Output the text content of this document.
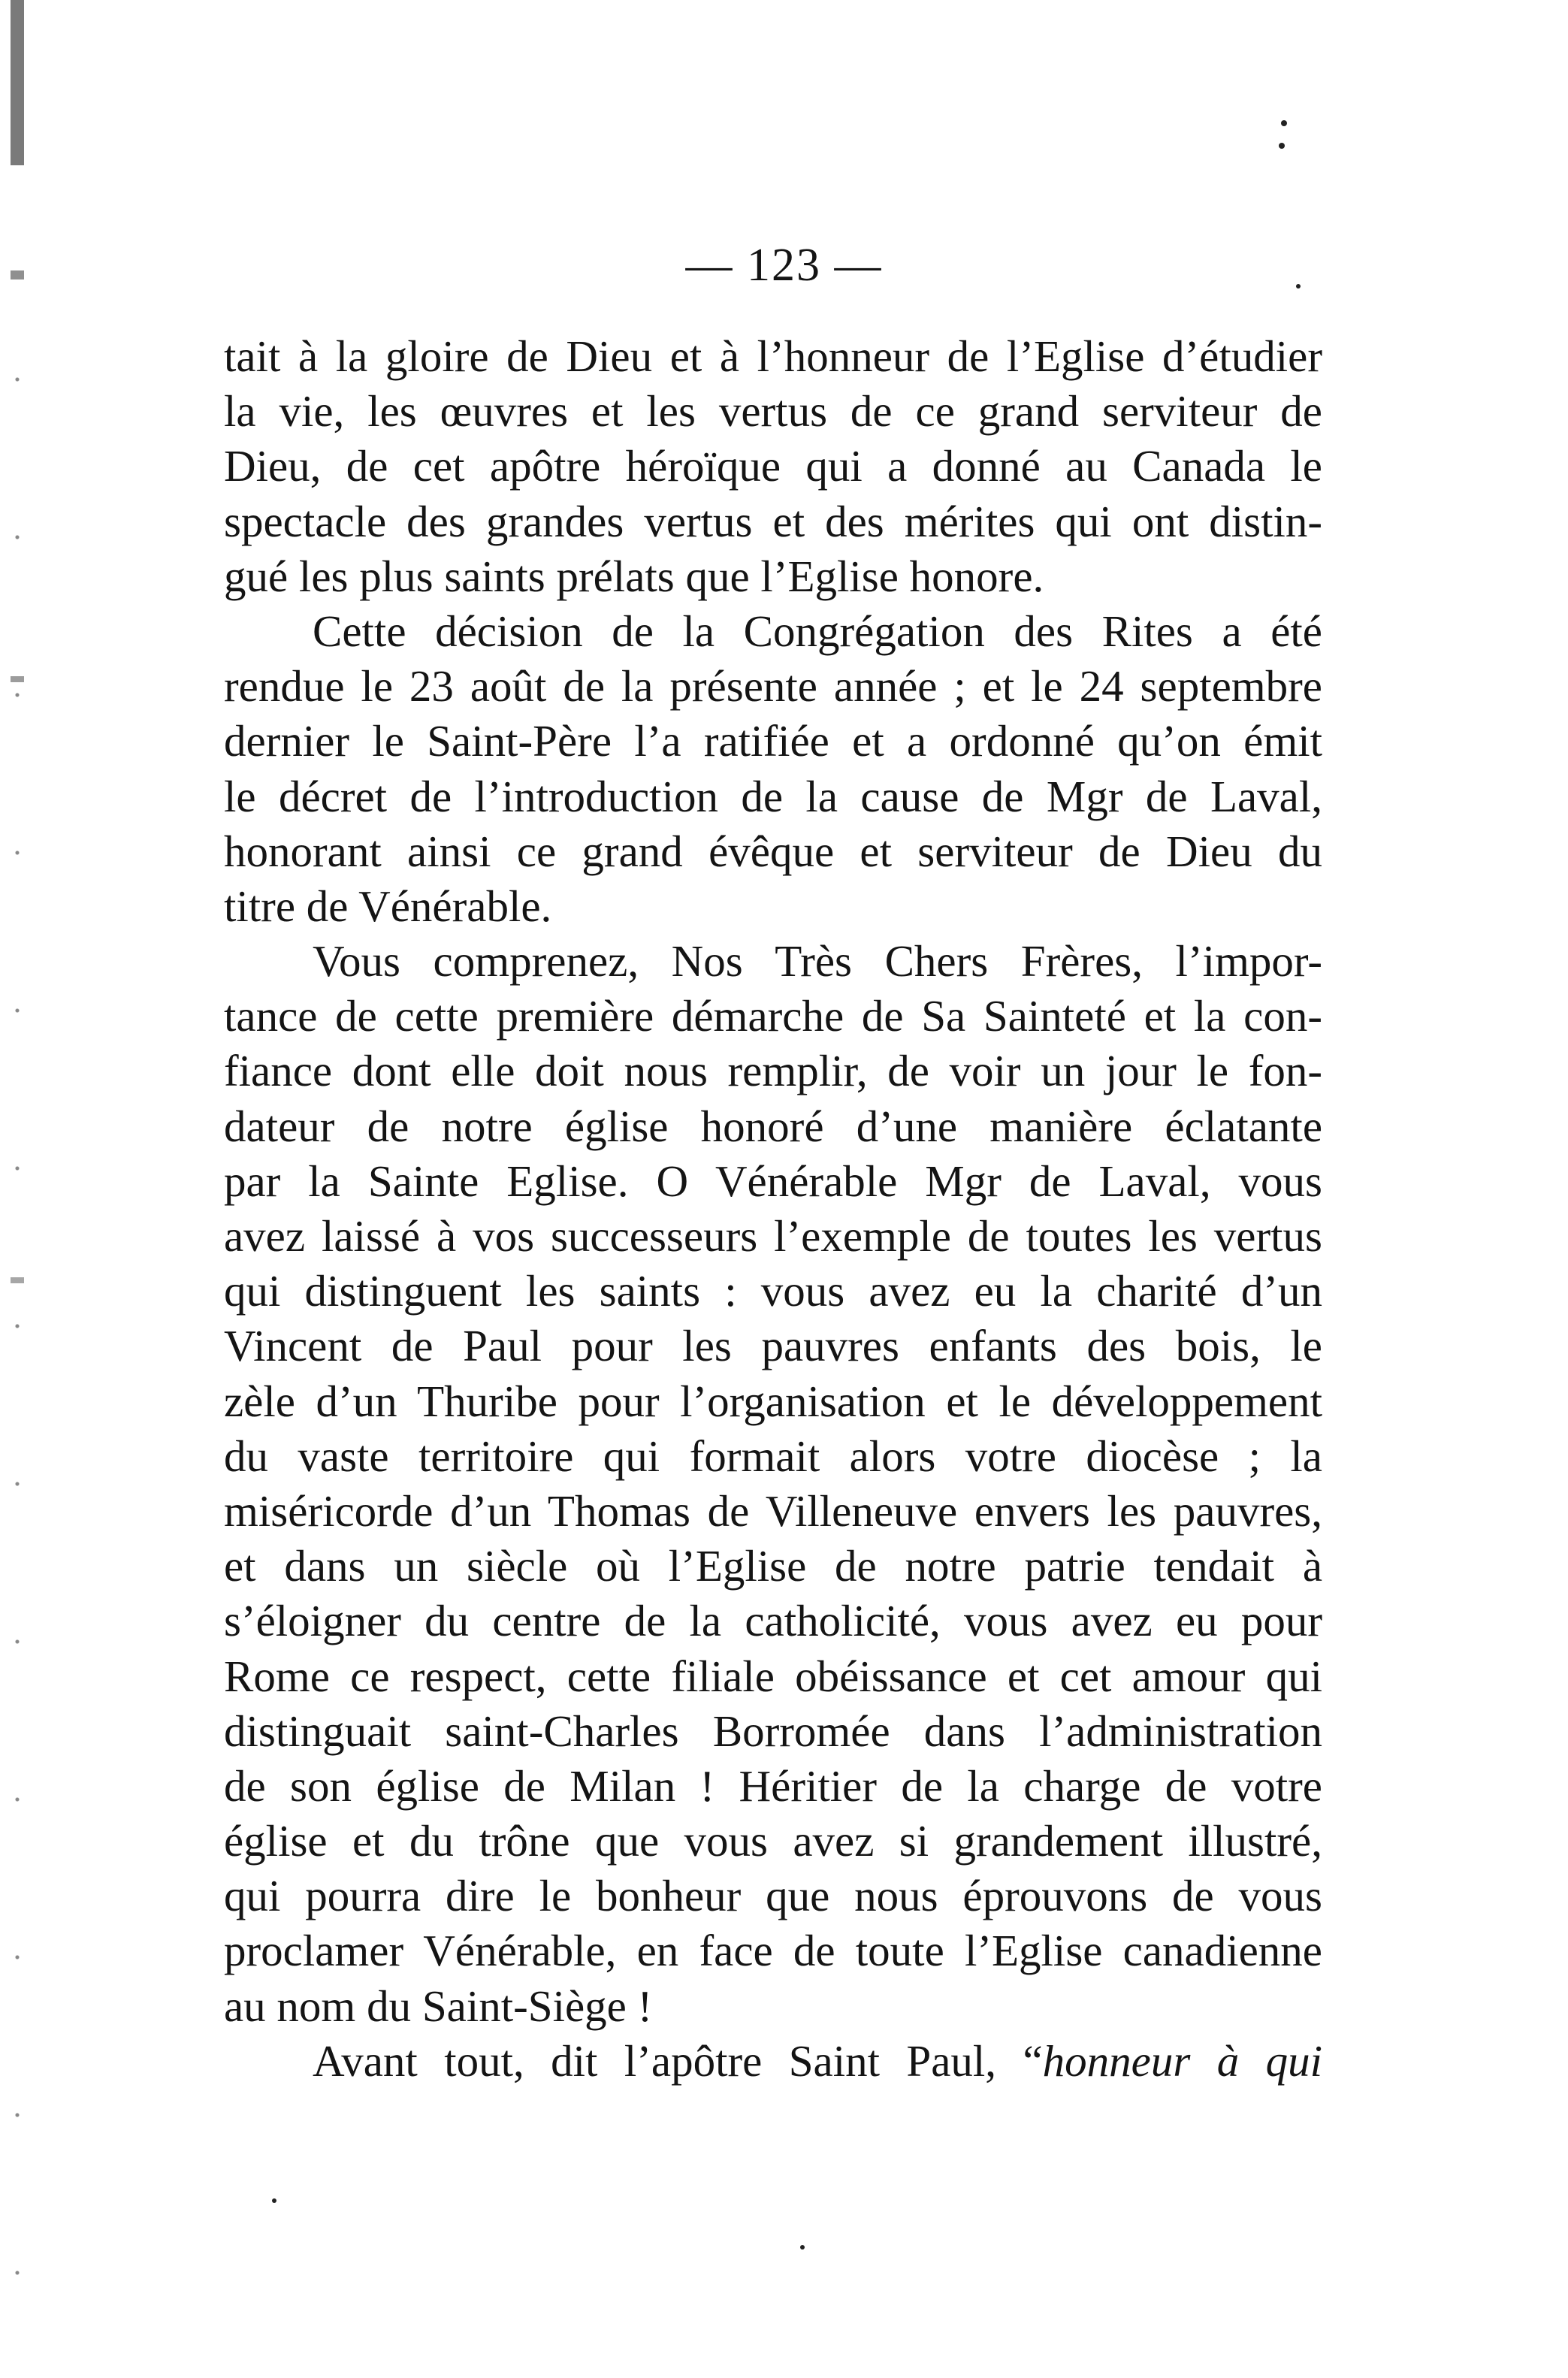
— 123 —
tait à la gloire de Dieu et à l’honneur de l’Eglise d’étudier
la vie, les œuvres et les vertus de ce grand serviteur de
Dieu, de cet apôtre héroïque qui a donné au Canada le
spectacle des grandes vertus et des mérites qui ont distin-
gué les plus saints prélats que l’Eglise honore.
Cette décision de la Congrégation des Rites a été
rendue le 23 août de la présente année ; et le 24 septembre
dernier le Saint-Père l’a ratifiée et a ordonné qu’on émit
le décret de l’introduction de la cause de Mgr de Laval,
honorant ainsi ce grand évêque et serviteur de Dieu du
titre de Vénérable.
Vous comprenez, Nos Très Chers Frères, l’impor-
tance de cette première démarche de Sa Sainteté et la con-
fiance dont elle doit nous remplir, de voir un jour le fon-
dateur de notre église honoré d’une manière éclatante
par la Sainte Eglise. O Vénérable Mgr de Laval, vous
avez laissé à vos successeurs l’exemple de toutes les vertus
qui distinguent les saints : vous avez eu la charité d’un
Vincent de Paul pour les pauvres enfants des bois, le
zèle d’un Thuribe pour l’organisation et le développement
du vaste territoire qui formait alors votre diocèse ; la
miséricorde d’un Thomas de Villeneuve envers les pauvres,
et dans un siècle où l’Eglise de notre patrie tendait à
s’éloigner du centre de la catholicité, vous avez eu pour
Rome ce respect, cette filiale obéissance et cet amour qui
distinguait saint-Charles Borromée dans l’administration
de son église de Milan ! Héritier de la charge de votre
église et du trône que vous avez si grandement illustré,
qui pourra dire le bonheur que nous éprouvons de vous
proclamer Vénérable, en face de toute l’Eglise canadienne
au nom du Saint-Siège !
Avant tout, dit l’apôtre Saint Paul, “honneur à qui
